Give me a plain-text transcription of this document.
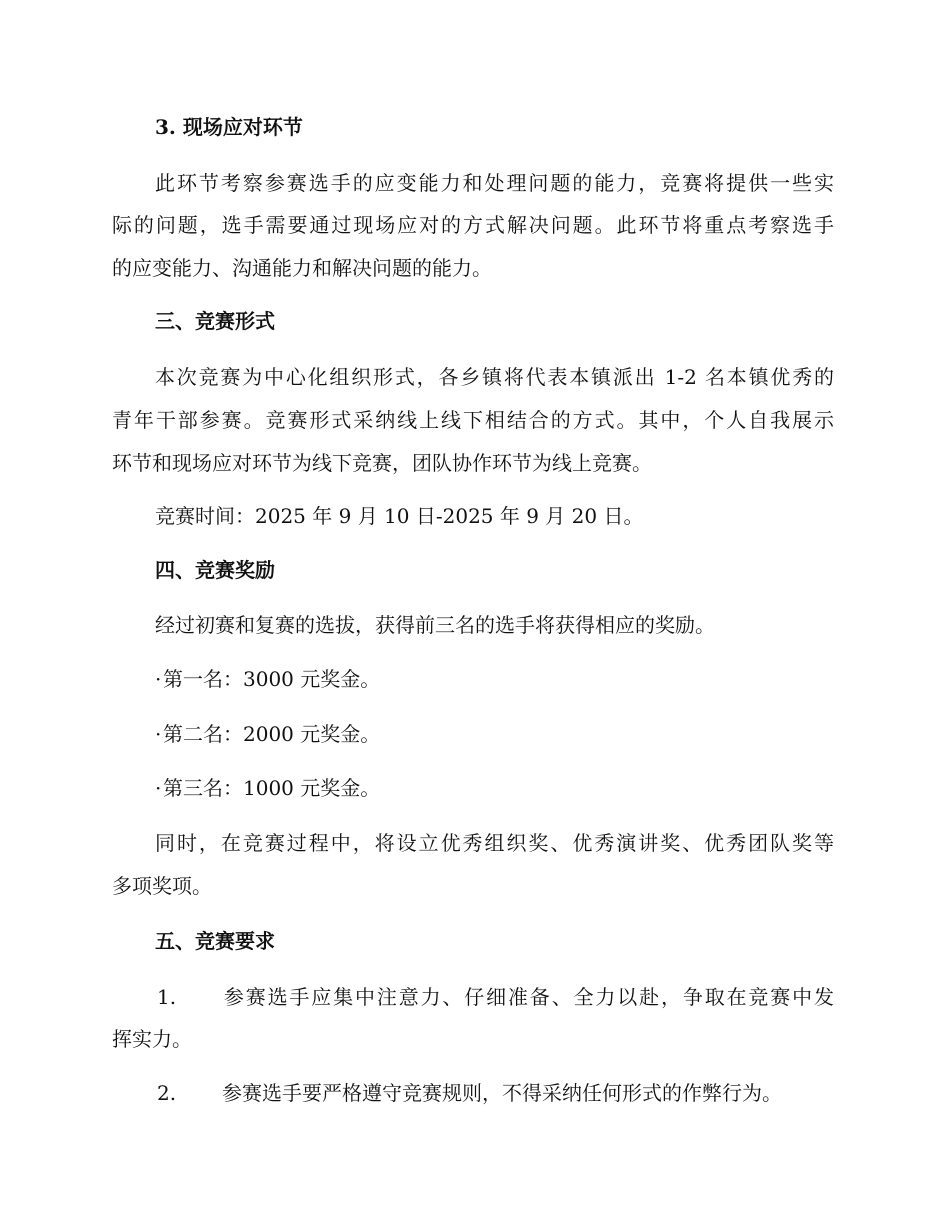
3. 现场应对环节

此环节考察参赛选手的应变能力和处理问题的能力，竞赛将提供一些实

际的问题，选手需要通过现场应对的方式解决问题。此环节将重点考察选手

的应变能力、沟通能力和解决问题的能力。

三、竞赛形式

本次竞赛为中心化组织形式，各乡镇将代表本镇派出 1-2 名本镇优秀的

青年干部参赛。竞赛形式采纳线上线下相结合的方式。其中，个人自我展示

环节和现场应对环节为线下竞赛，团队协作环节为线上竞赛。

竞赛时间：2025 年 9 月 10 日-2025 年 9 月 20 日。

四、竞赛奖励

经过初赛和复赛的选拔，获得前三名的选手将获得相应的奖励。

·第一名：3000 元奖金。

·第二名：2000 元奖金。

·第三名：1000 元奖金。

同时，在竞赛过程中，将设立优秀组织奖、优秀演讲奖、优秀团队奖等

多项奖项。

五、竞赛要求

1. 参赛选手应集中注意力、仔细准备、全力以赴，争取在竞赛中发

挥实力。

2. 参赛选手要严格遵守竞赛规则，不得采纳任何形式的作弊行为。
